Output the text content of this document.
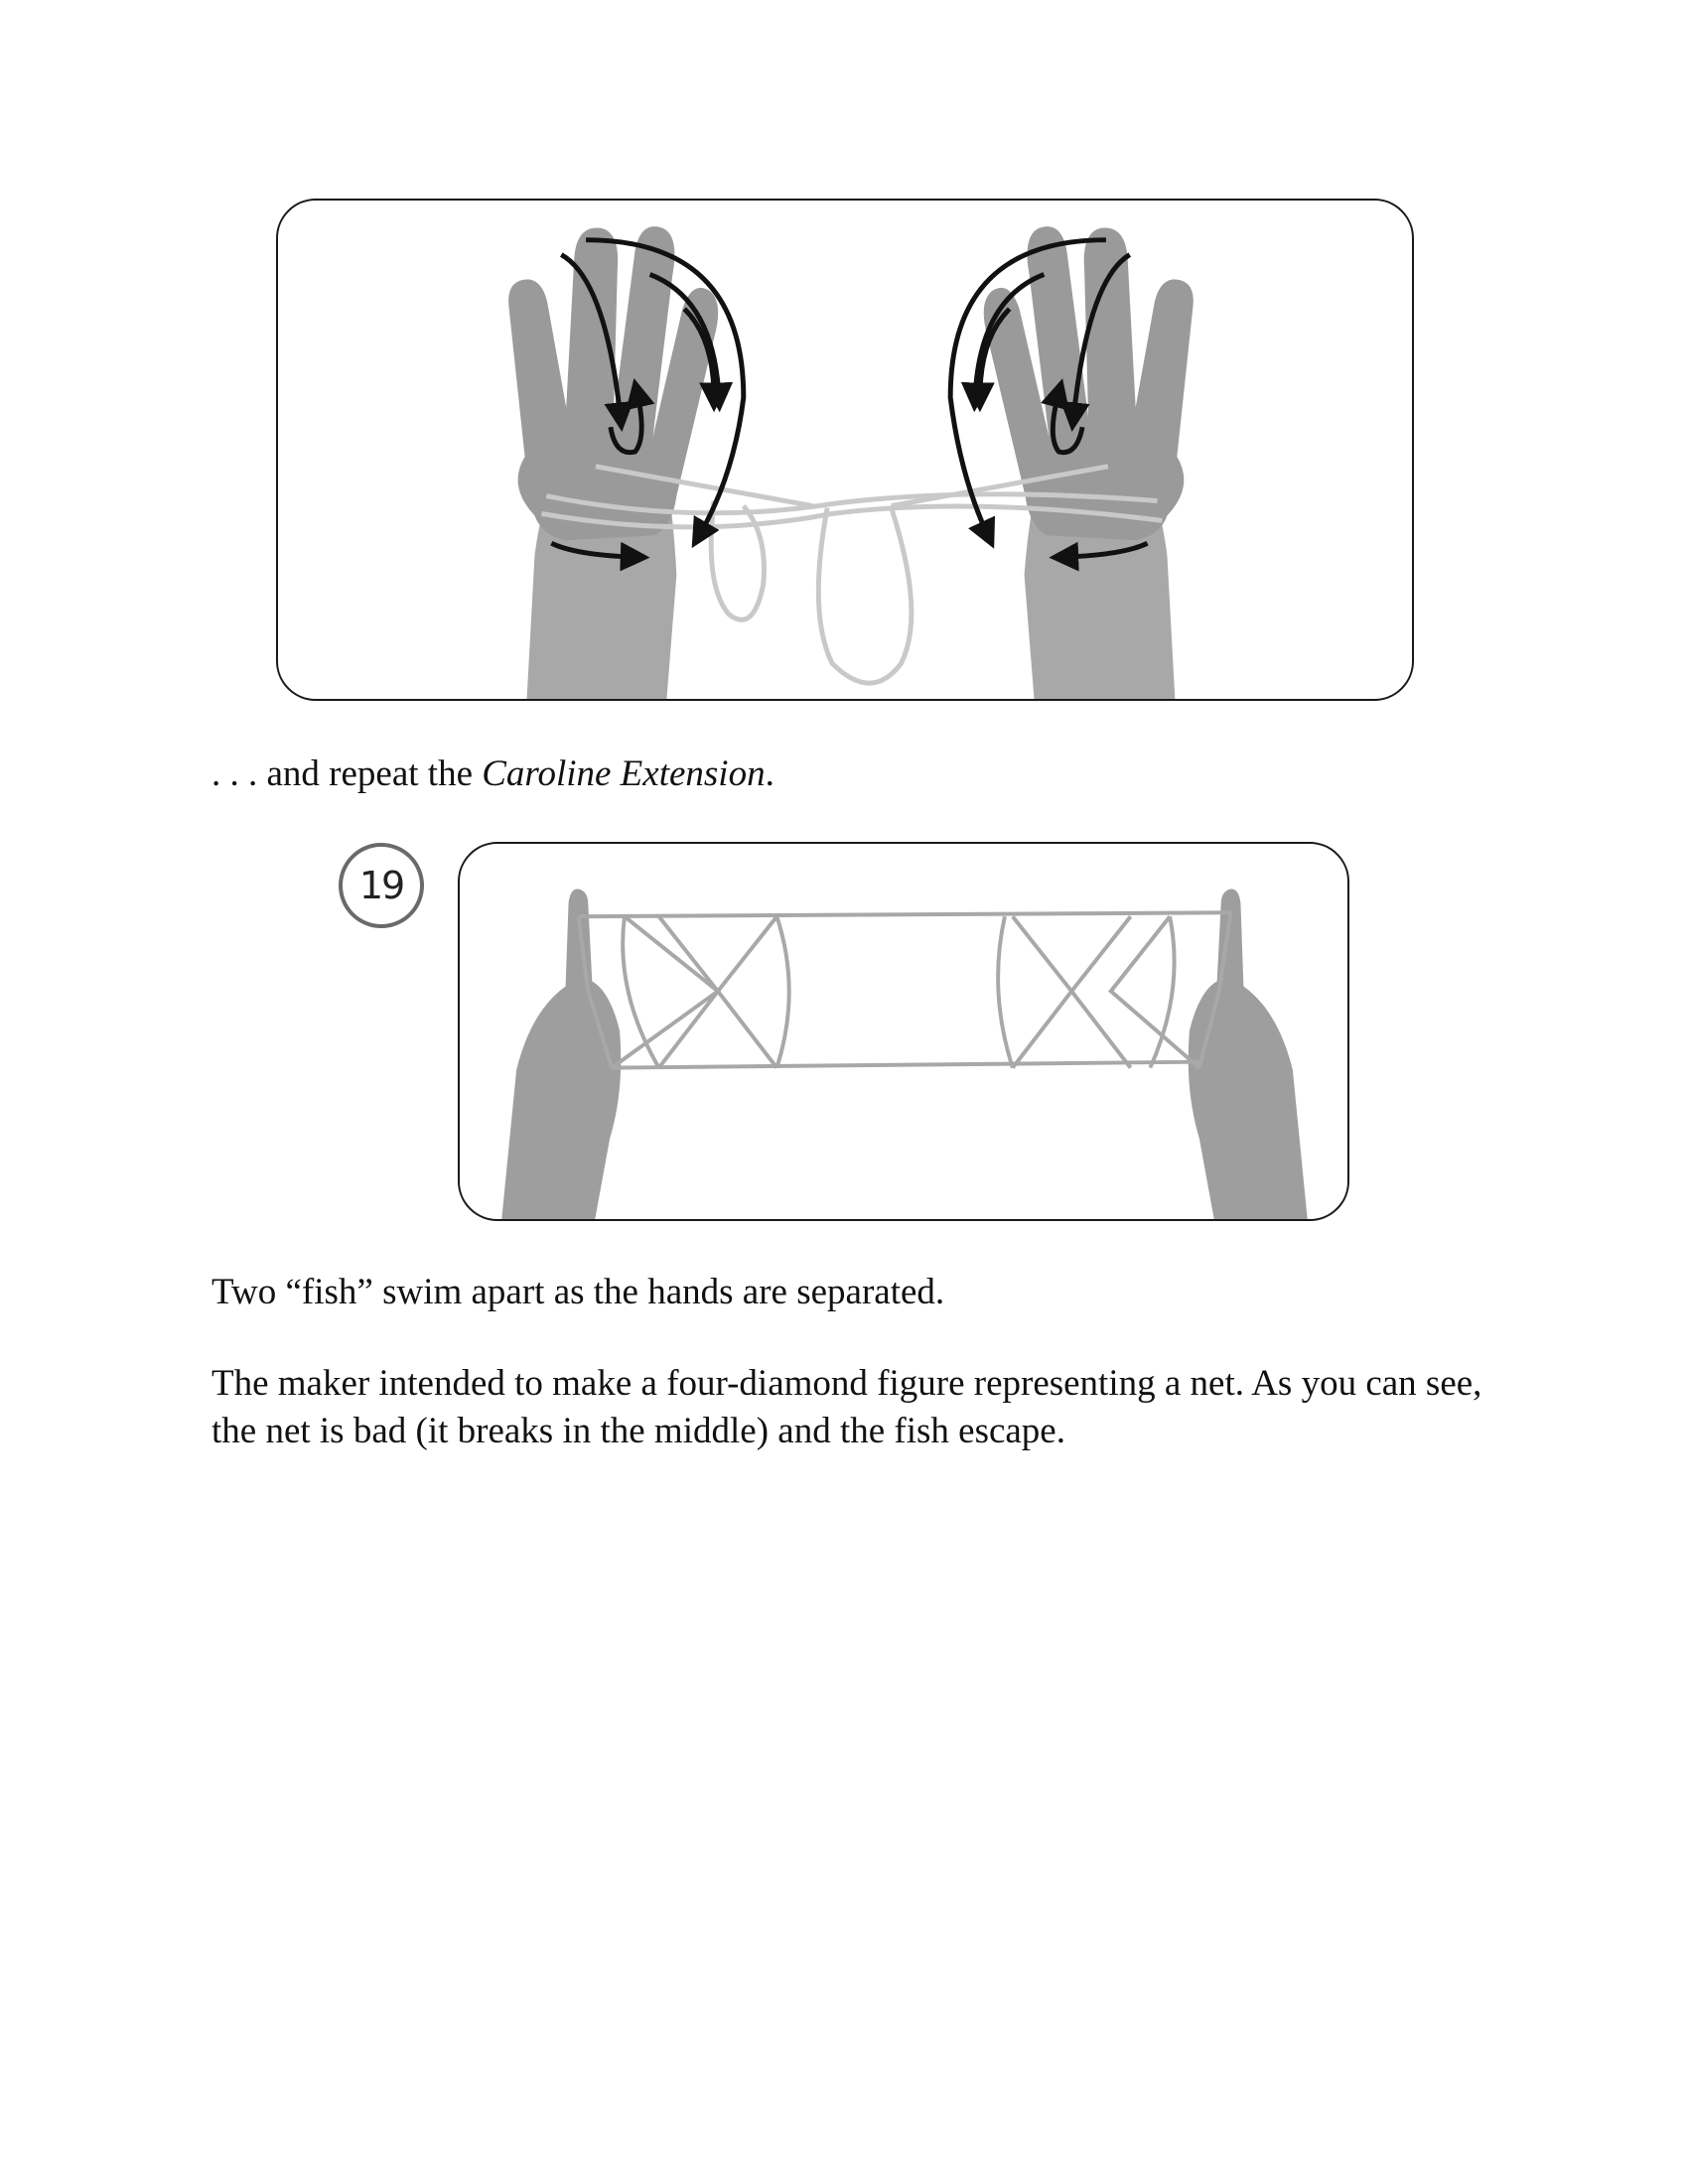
. . . and repeat the Caroline Extension.

19

Two “fish” swim apart as the hands are separated.

The maker intended to make a four-diamond figure representing a net. As you can see, the net is bad (it breaks in the middle) and the fish escape.
